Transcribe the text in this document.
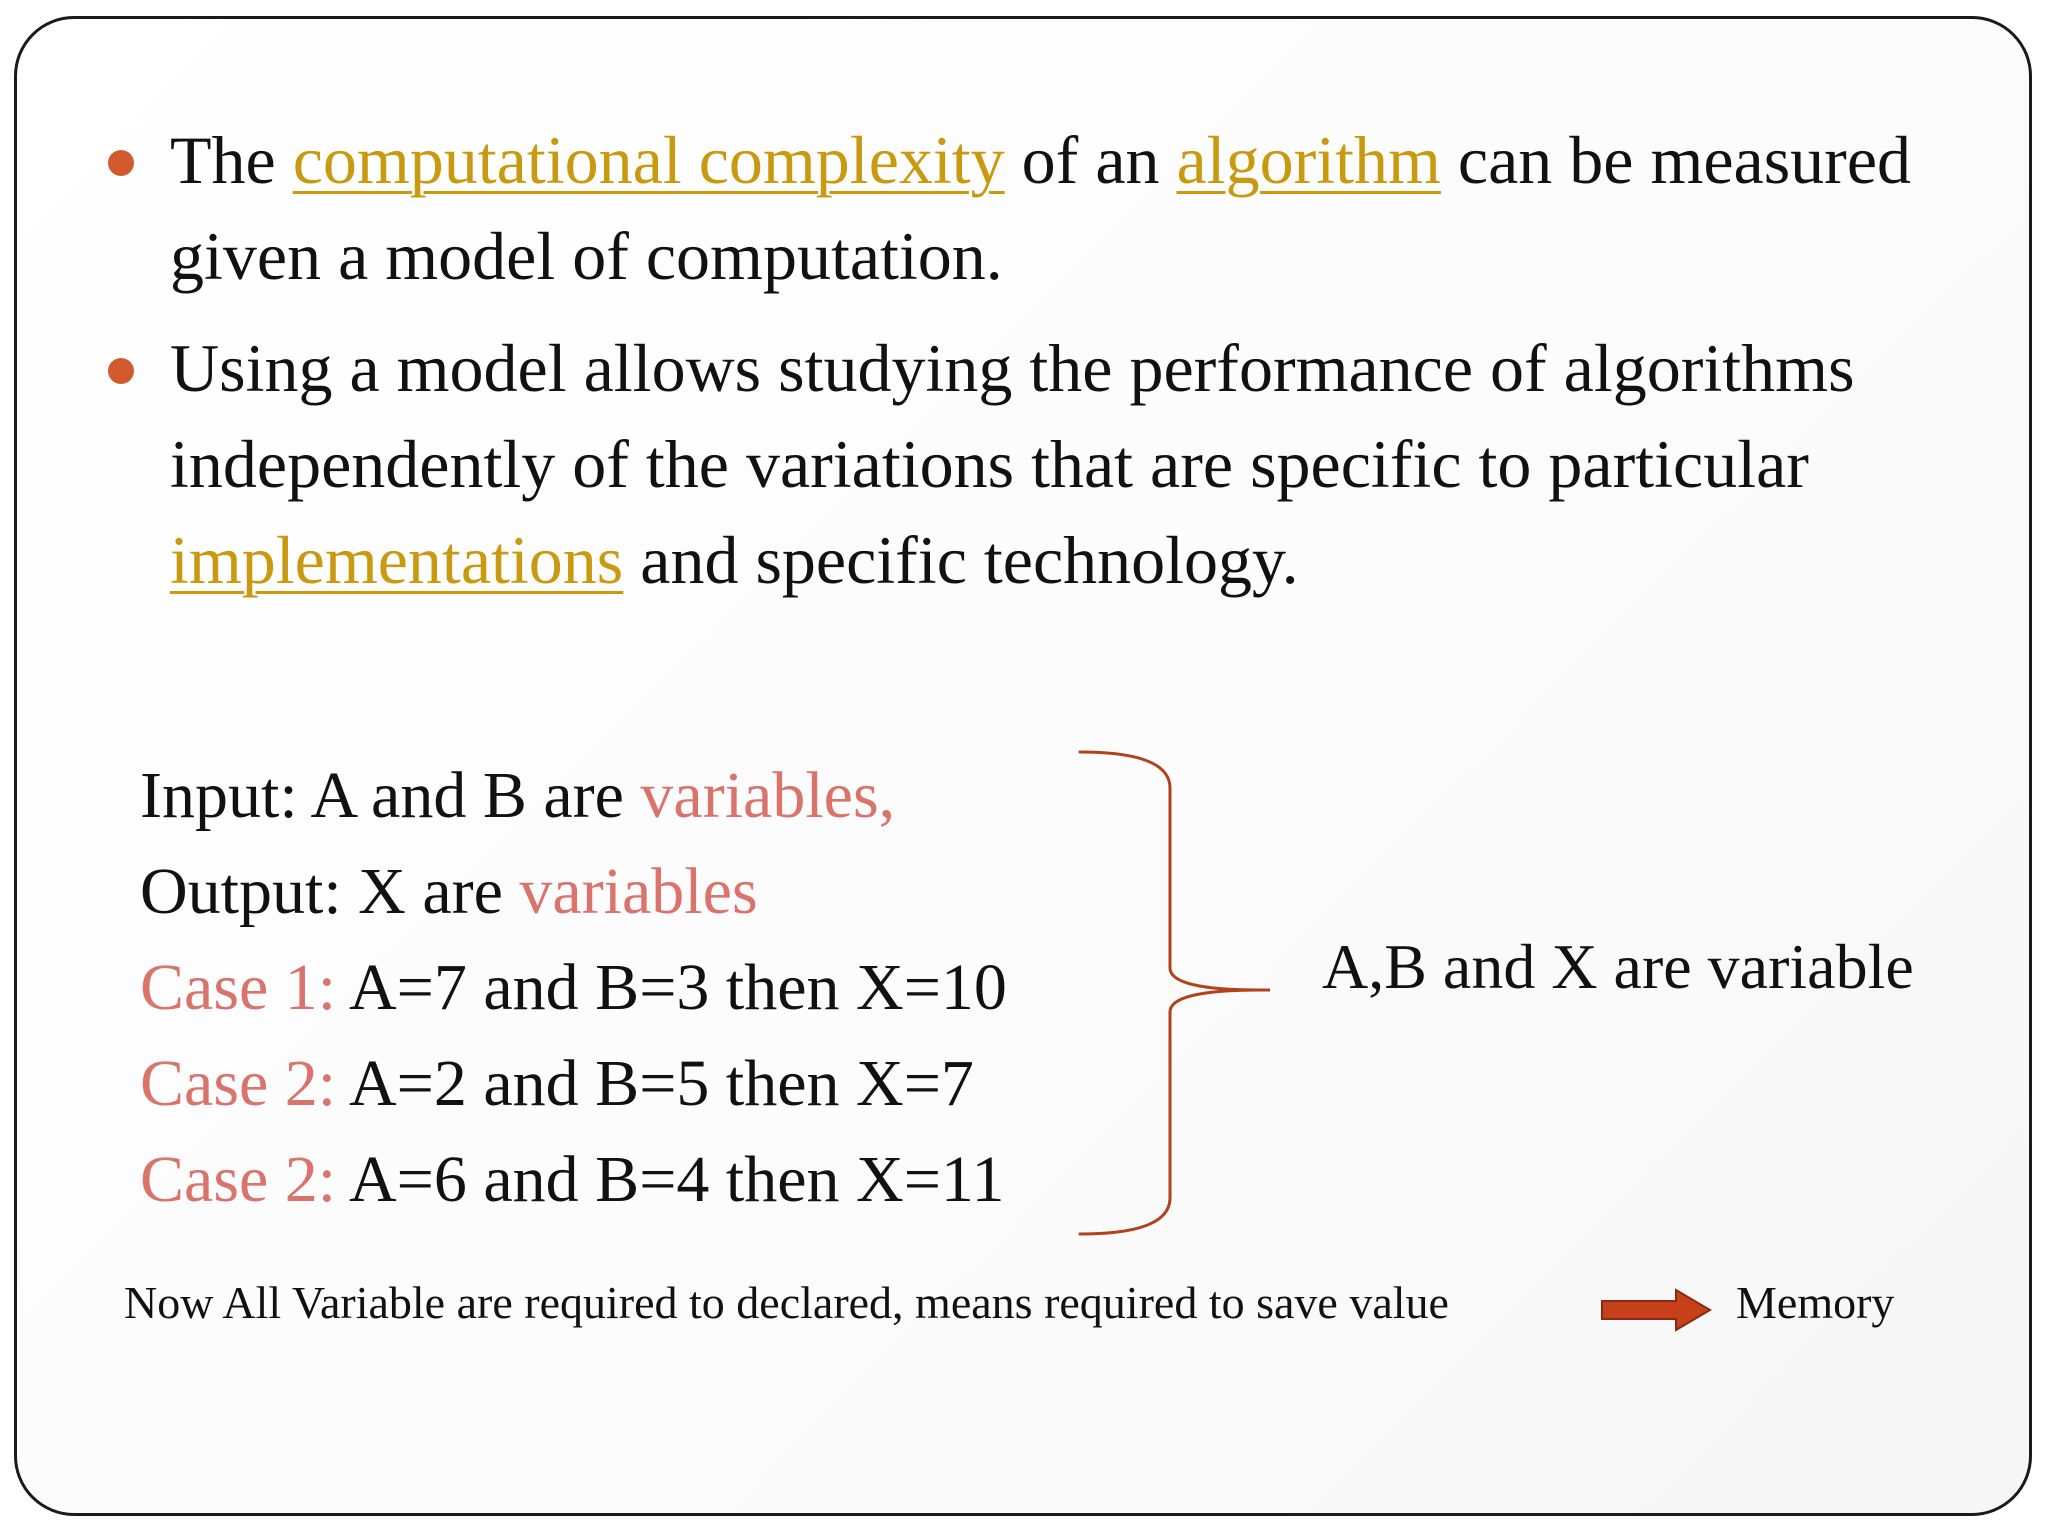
The computational complexity of an algorithm can be measured given a model of computation.
Using a model allows studying the performance of algorithms independently of the variations that are specific to particular implementations and specific technology.
Input: A and B are variables,
Output: X are variables
Case 1: A=7 and B=3 then X=10
Case 2: A=2 and B=5 then X=7
Case 2: A=6 and B=4 then X=11
A,B and X are variable
Now All Variable are required to declared, means required to save value	Memory
